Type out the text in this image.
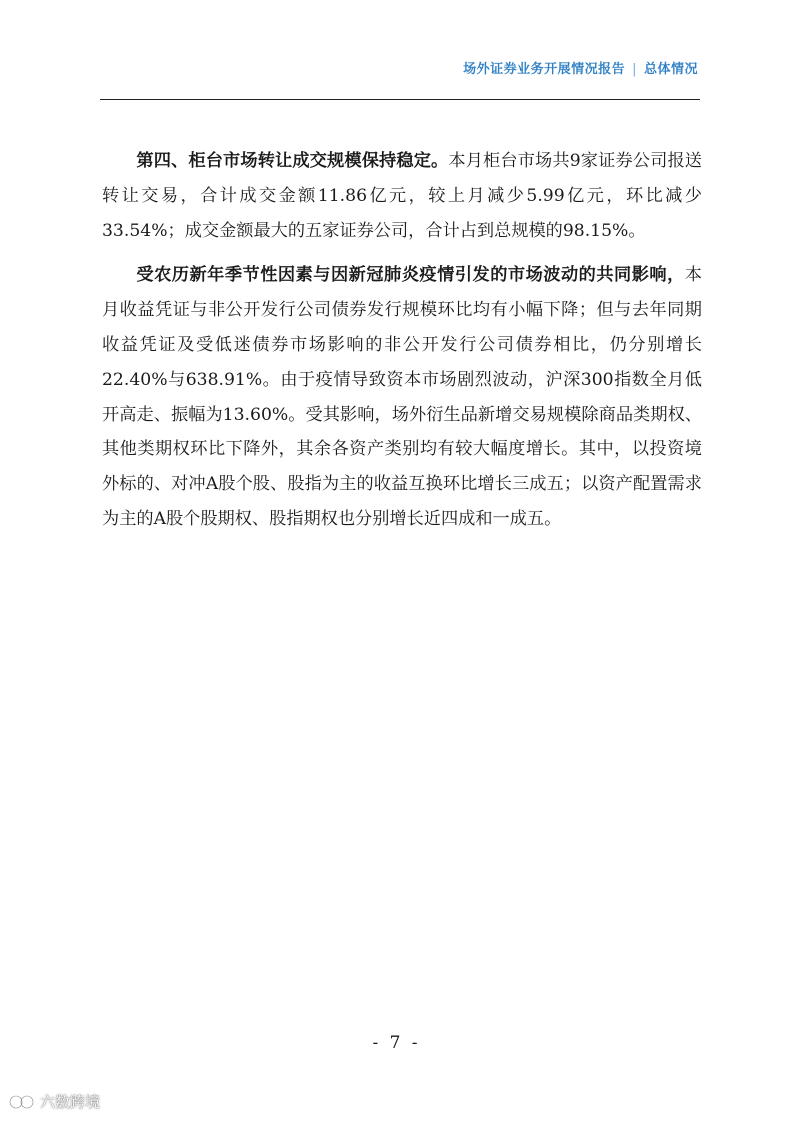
场外证券业务开展情况报告 | 总体情况

第四、柜台市场转让成交规模保持稳定。本月柜台市场共9家证券公司报送转让交易，合计成交金额11.86亿元，较上月减少5.99亿元，环比减少33.54%；成交金额最大的五家证券公司，合计占到总规模的98.15%。

受农历新年季节性因素与因新冠肺炎疫情引发的市场波动的共同影响，本月收益凭证与非公开发行公司债券发行规模环比均有小幅下降；但与去年同期收益凭证及受低迷债券市场影响的非公开发行公司债券相比，仍分别增长22.40%与638.91%。由于疫情导致资本市场剧烈波动，沪深300指数全月低开高走、振幅为13.60%。受其影响，场外衍生品新增交易规模除商品类期权、其他类期权环比下降外，其余各资产类别均有较大幅度增长。其中，以投资境外标的、对冲A股个股、股指为主的收益互换环比增长三成五；以资产配置需求为主的A股个股期权、股指期权也分别增长近四成和一成五。

- 7 -
六数跨境
